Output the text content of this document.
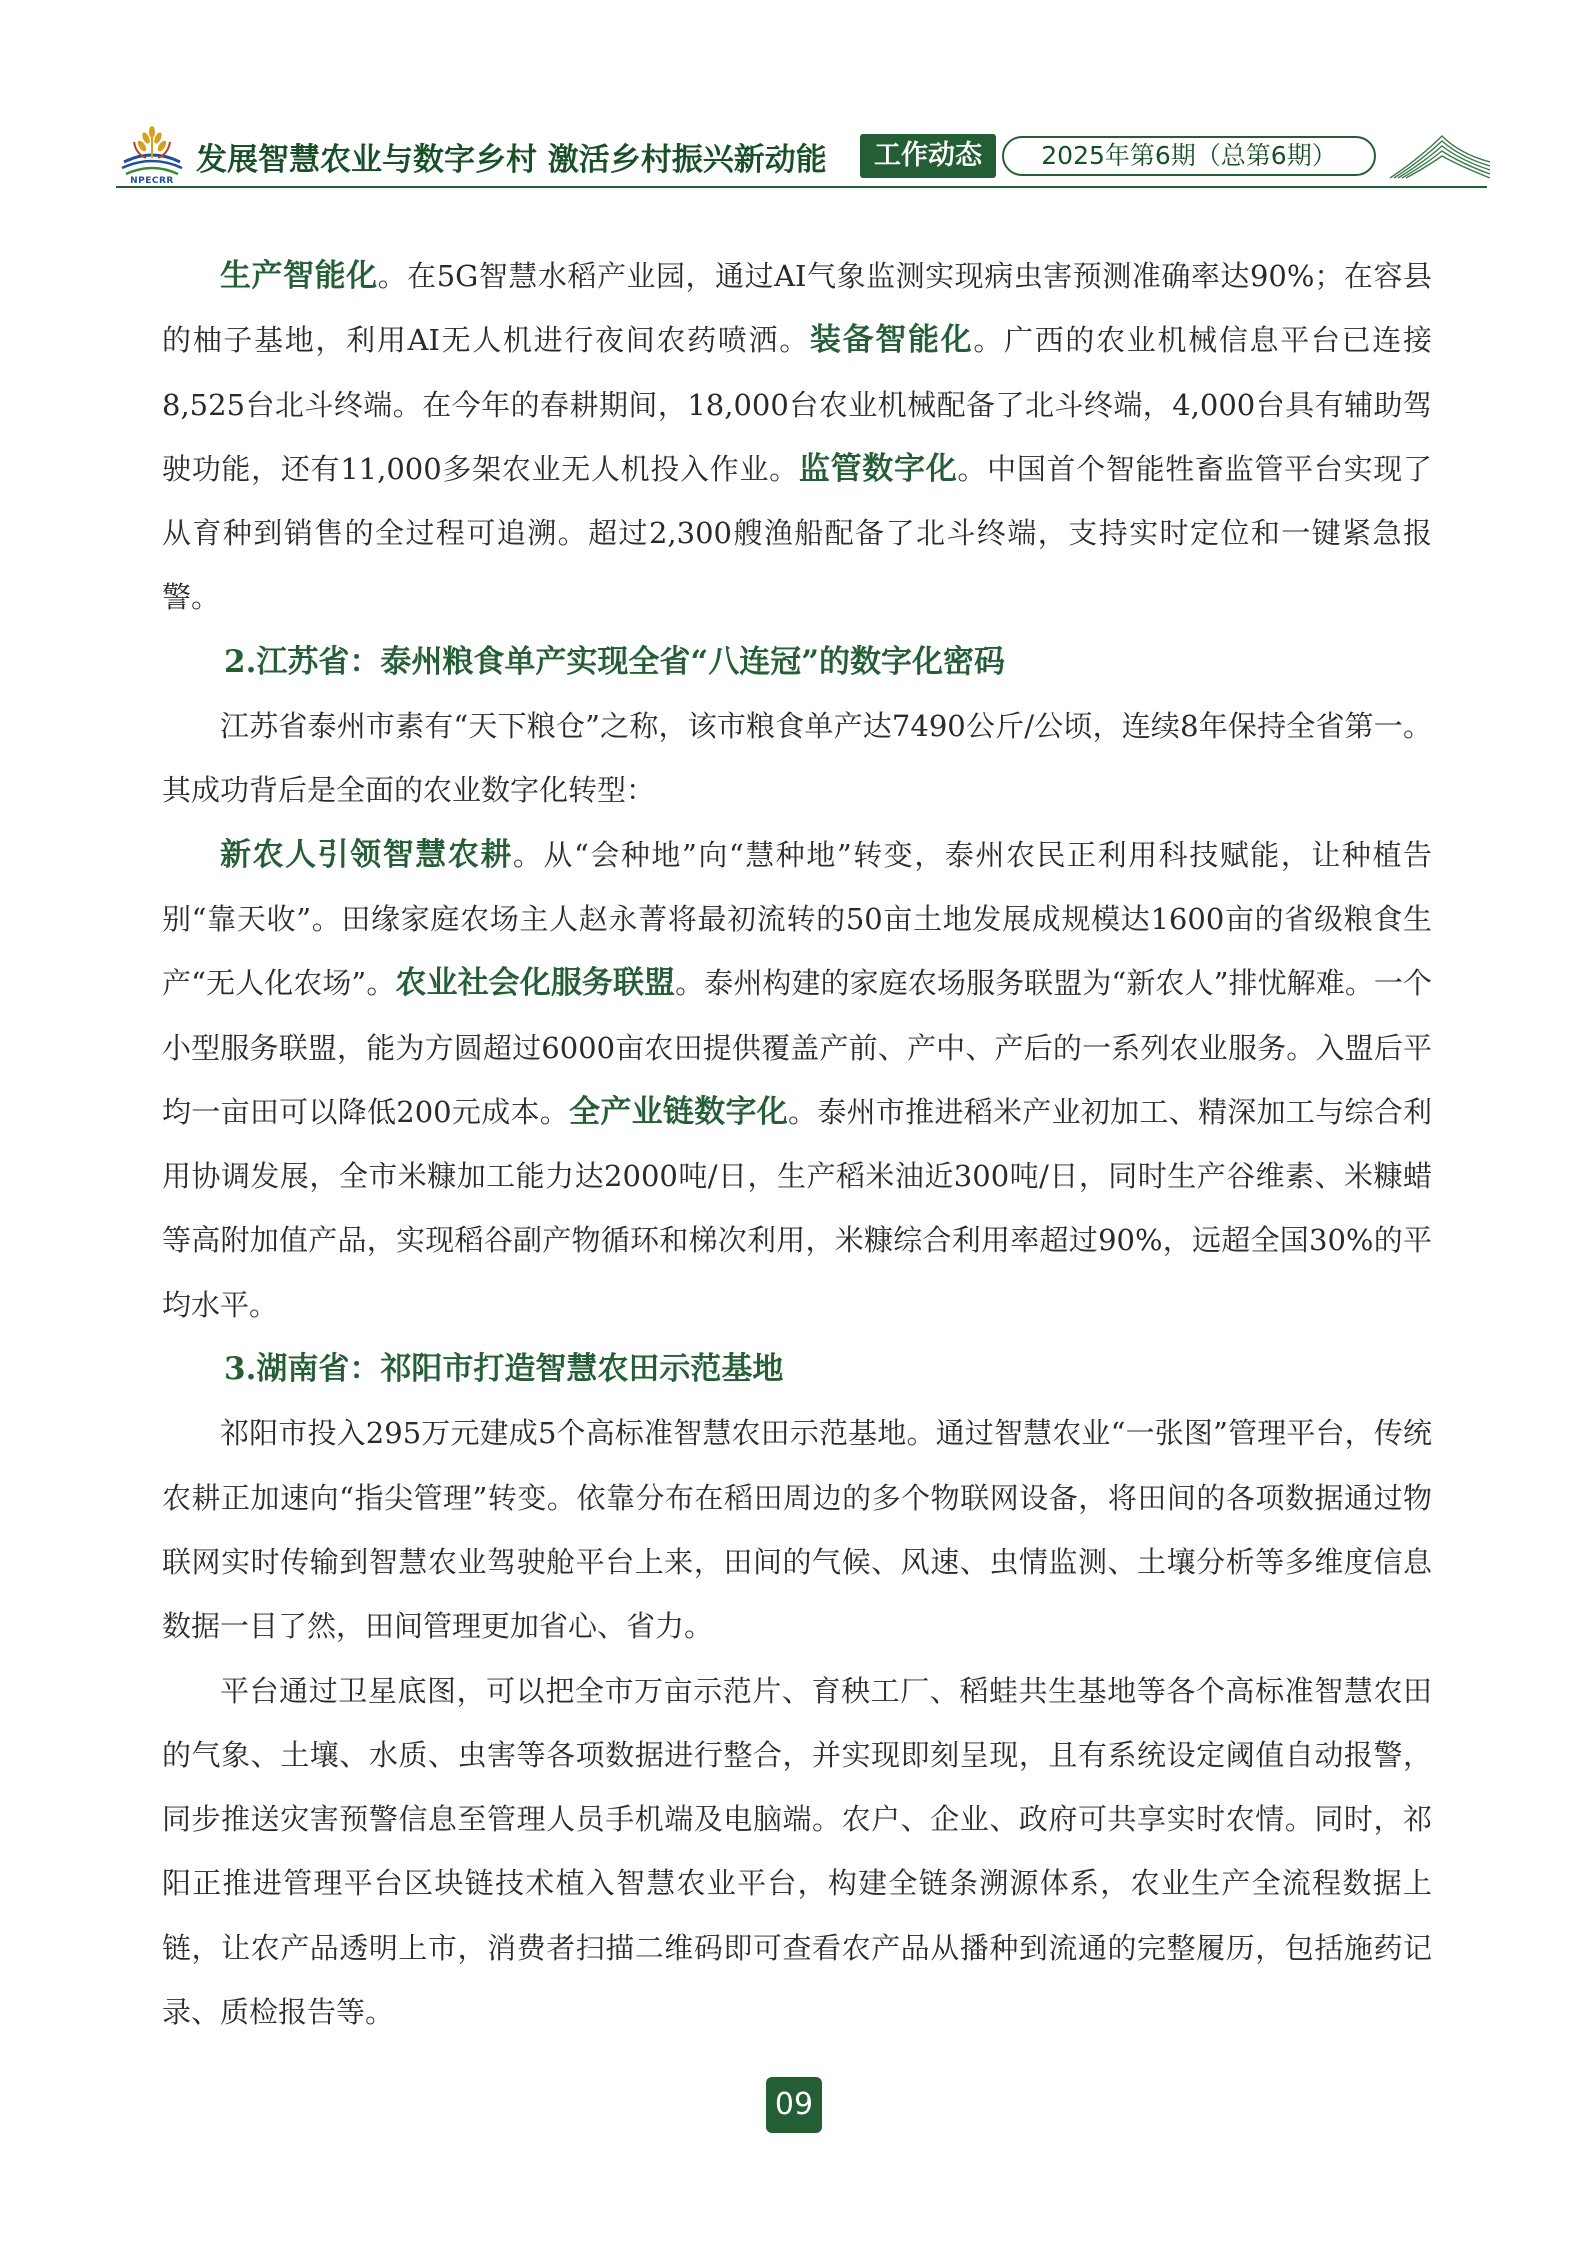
NPECRR
发展智慧农业与数字乡村 激活乡村振兴新动能	工作动态	2025年第6期（总第6期）

生产智能化。在5G智慧水稻产业园，通过AI气象监测实现病虫害预测准确率达90%；在容县的柚子基地，利用AI无人机进行夜间农药喷洒。装备智能化。广西的农业机械信息平台已连接8,525台北斗终端。在今年的春耕期间，18,000台农业机械配备了北斗终端，4,000台具有辅助驾驶功能，还有11,000多架农业无人机投入作业。监管数字化。中国首个智能牲畜监管平台实现了从育种到销售的全过程可追溯。超过2,300艘渔船配备了北斗终端，支持实时定位和一键紧急报警。

2.江苏省：泰州粮食单产实现全省“八连冠”的数字化密码

江苏省泰州市素有“天下粮仓”之称，该市粮食单产达7490公斤/公顷，连续8年保持全省第一。其成功背后是全面的农业数字化转型：

新农人引领智慧农耕。从“会种地”向“慧种地”转变，泰州农民正利用科技赋能，让种植告别“靠天收”。田缘家庭农场主人赵永菁将最初流转的50亩土地发展成规模达1600亩的省级粮食生产“无人化农场”。农业社会化服务联盟。泰州构建的家庭农场服务联盟为“新农人”排忧解难。一个小型服务联盟，能为方圆超过6000亩农田提供覆盖产前、产中、产后的一系列农业服务。入盟后平均一亩田可以降低200元成本。全产业链数字化。泰州市推进稻米产业初加工、精深加工与综合利用协调发展，全市米糠加工能力达2000吨/日，生产稻米油近300吨/日，同时生产谷维素、米糠蜡等高附加值产品，实现稻谷副产物循环和梯次利用，米糠综合利用率超过90%，远超全国30%的平均水平。

3.湖南省：祁阳市打造智慧农田示范基地

祁阳市投入295万元建成5个高标准智慧农田示范基地。通过智慧农业“一张图”管理平台，传统农耕正加速向“指尖管理”转变。依靠分布在稻田周边的多个物联网设备，将田间的各项数据通过物联网实时传输到智慧农业驾驶舱平台上来，田间的气候、风速、虫情监测、土壤分析等多维度信息数据一目了然，田间管理更加省心、省力。

平台通过卫星底图，可以把全市万亩示范片、育秧工厂、稻蛙共生基地等各个高标准智慧农田的气象、土壤、水质、虫害等各项数据进行整合，并实现即刻呈现，且有系统设定阈值自动报警，同步推送灾害预警信息至管理人员手机端及电脑端。农户、企业、政府可共享实时农情。同时，祁阳正推进管理平台区块链技术植入智慧农业平台，构建全链条溯源体系，农业生产全流程数据上链，让农产品透明上市，消费者扫描二维码即可查看农产品从播种到流通的完整履历，包括施药记录、质检报告等。

09
